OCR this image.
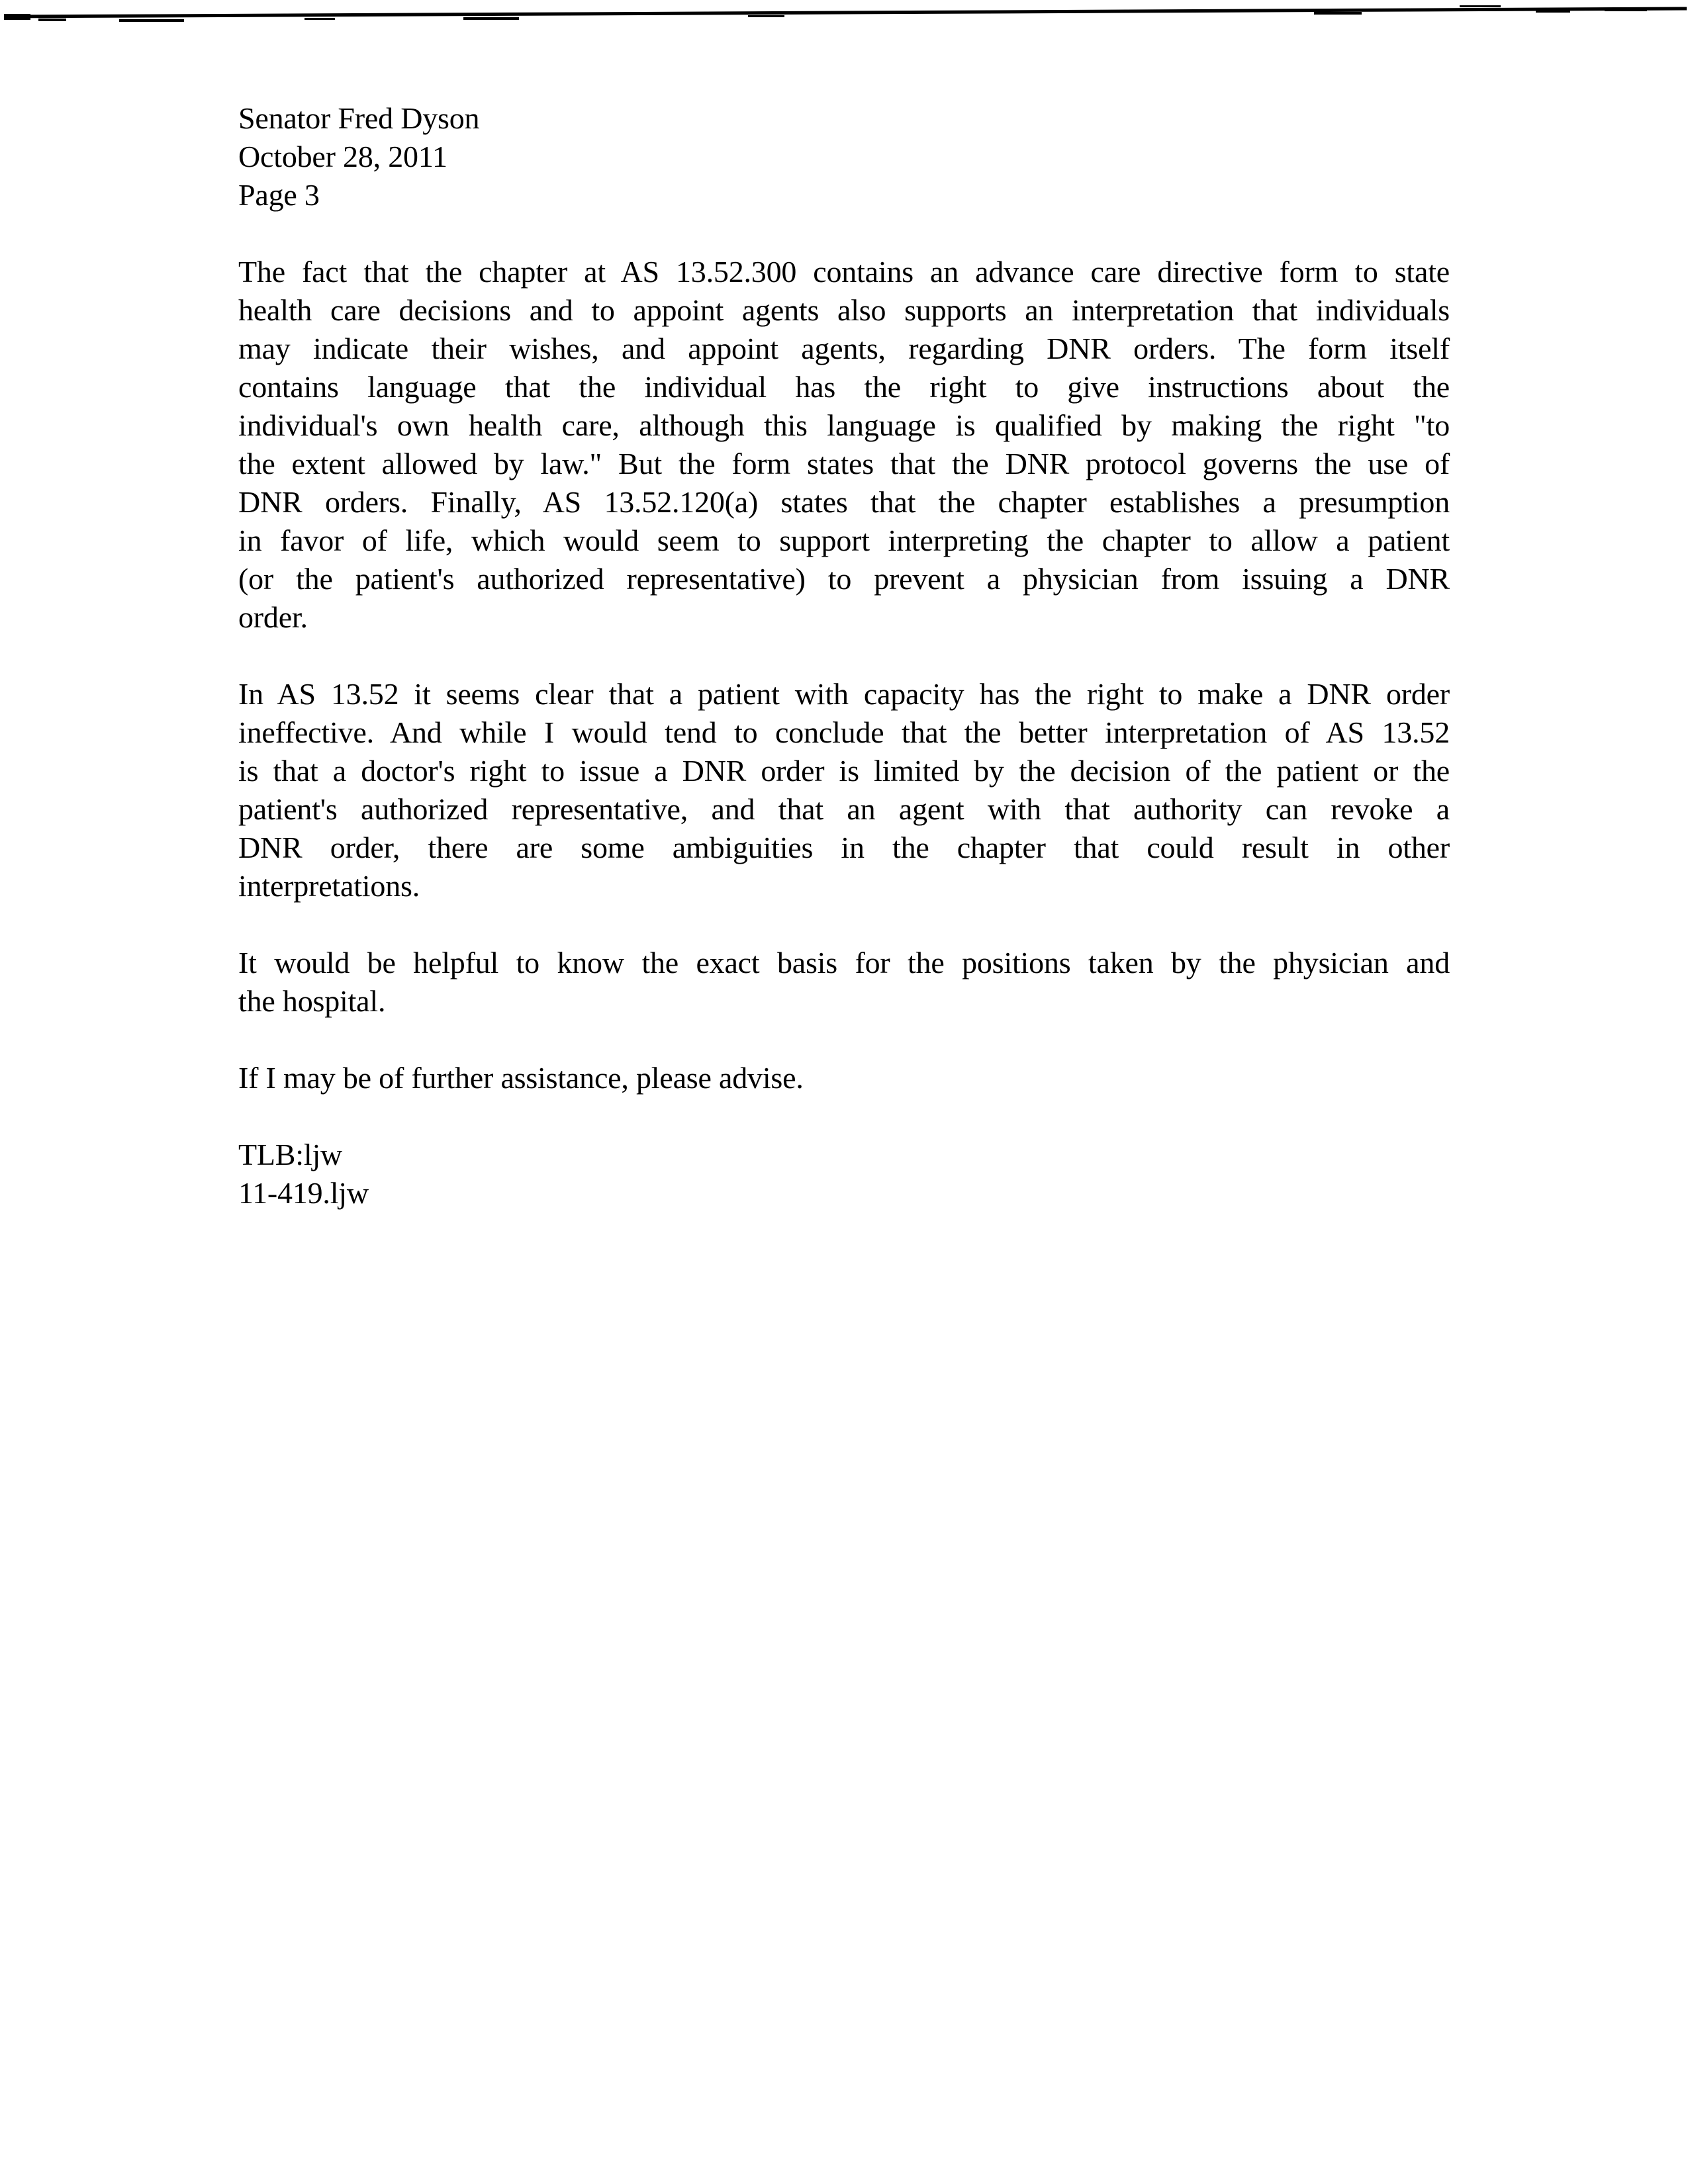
Senator Fred Dyson
October 28, 2011
Page 3
The fact that the chapter at AS 13.52.300 contains an advance care directive form to state
health care decisions and to appoint agents also supports an interpretation that individuals
may indicate their wishes, and appoint agents, regarding DNR orders. The form itself
contains language that the individual has the right to give instructions about the
individual's own health care, although this language is qualified by making the right "to
the extent allowed by law." But the form states that the DNR protocol governs the use of
DNR orders. Finally, AS 13.52.120(a) states that the chapter establishes a presumption
in favor of life, which would seem to support interpreting the chapter to allow a patient
(or the patient's authorized representative) to prevent a physician from issuing a DNR
order.
In AS 13.52 it seems clear that a patient with capacity has the right to make a DNR order
ineffective. And while I would tend to conclude that the better interpretation of AS 13.52
is that a doctor's right to issue a DNR order is limited by the decision of the patient or the
patient's authorized representative, and that an agent with that authority can revoke a
DNR order, there are some ambiguities in the chapter that could result in other
interpretations.
It would be helpful to know the exact basis for the positions taken by the physician and
the hospital.
If I may be of further assistance, please advise.
TLB:ljw
11-419.ljw
